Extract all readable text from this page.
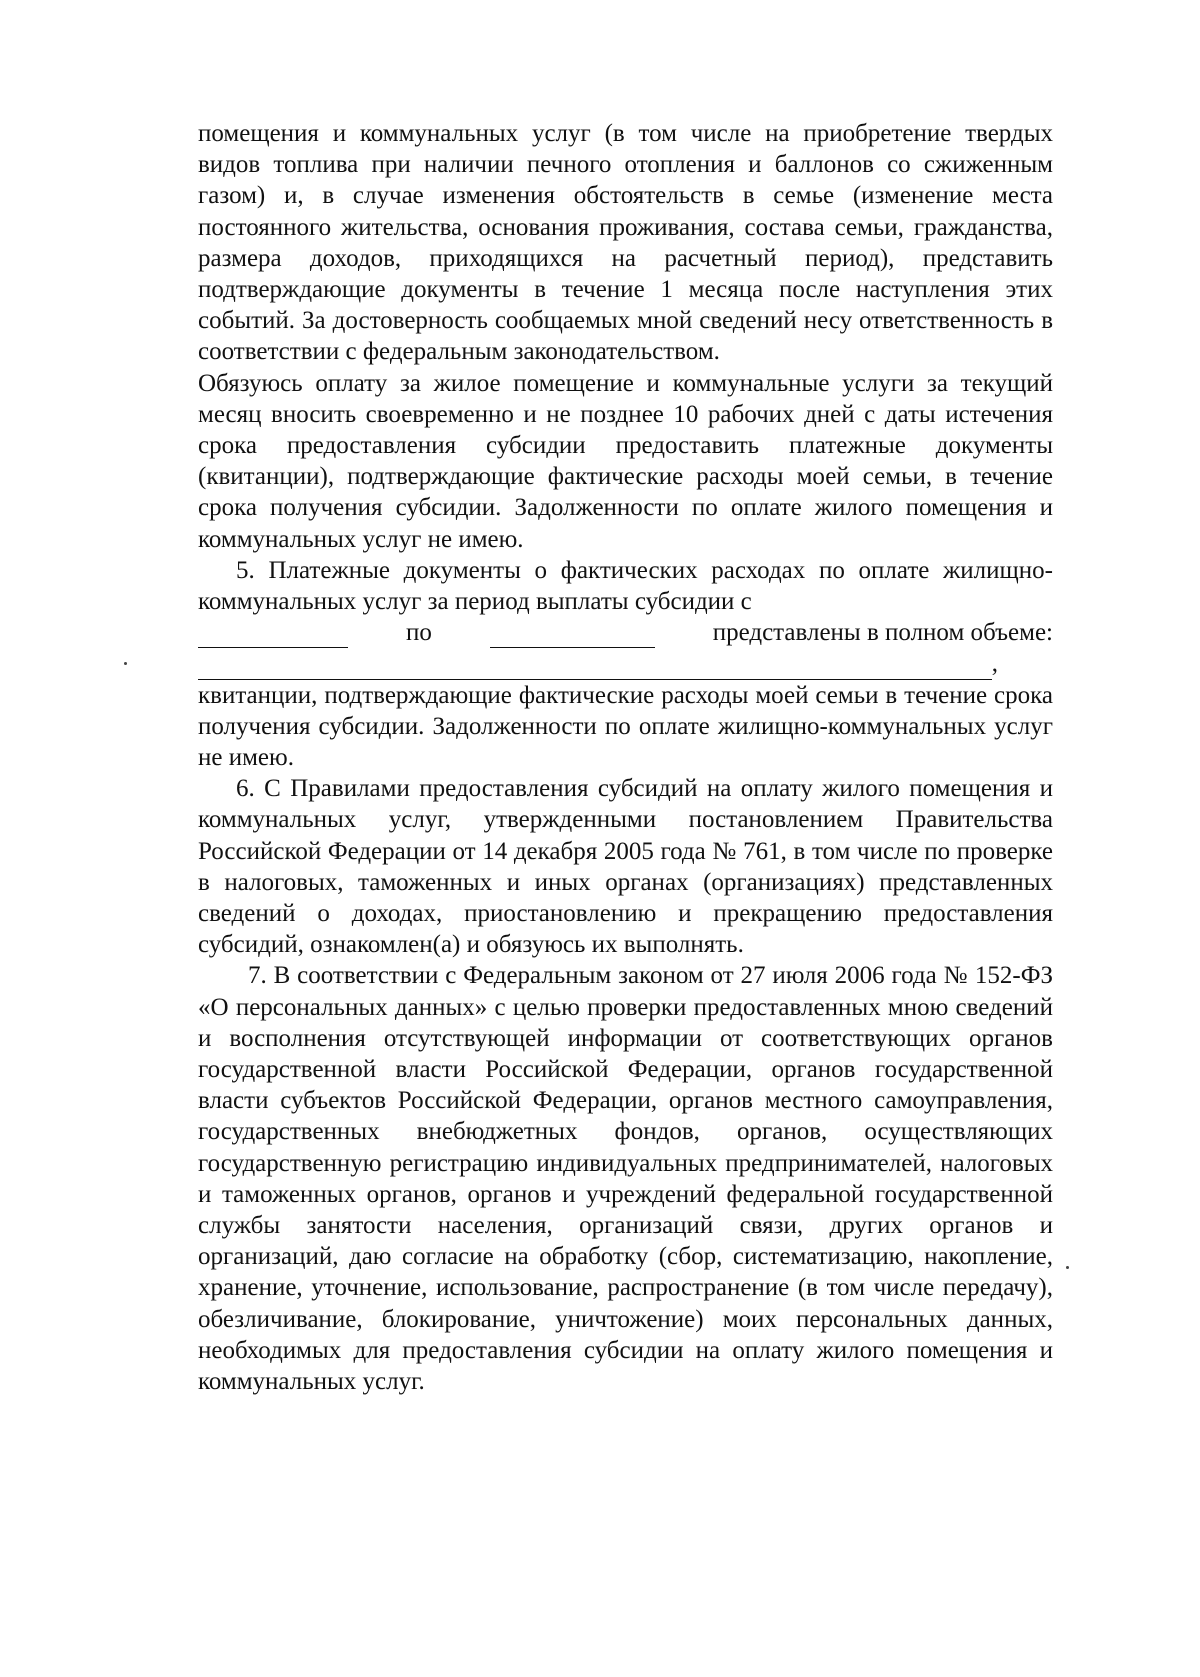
помещения и коммунальных услуг (в том числе на приобретение твердых видов топлива при наличии печного отопления и баллонов со сжиженным газом) и, в случае изменения обстоятельств в семье (изменение места постоянного жительства, основания проживания, состава семьи, гражданства, размера доходов, приходящихся на расчетный период), представить подтверждающие документы в течение 1 месяца после наступления этих событий. За достоверность сообщаемых мной сведений несу ответственность в соответствии с федеральным законодательством.

Обязуюсь оплату за жилое помещение и коммунальные услуги за текущий месяц вносить своевременно и не позднее 10 рабочих дней с даты истечения срока предоставления субсидии предоставить платежные документы (квитанции), подтверждающие фактические расходы моей семьи, в течение срока получения субсидии. Задолженности по оплате жилого помещения и коммунальных услуг не имею.

5. Платежные документы о фактических расходах по оплате жилищно-коммунальных услуг за период выплаты субсидии с

по	представлены в полном объеме:
,

квитанции, подтверждающие фактические расходы моей семьи в течение срока получения субсидии. Задолженности по оплате жилищно-коммунальных услуг не имею.

6. С Правилами предоставления субсидий на оплату жилого помещения и коммунальных услуг, утвержденными постановлением Правительства Российской Федерации от 14 декабря 2005 года № 761, в том числе по проверке в налоговых, таможенных и иных органах (организациях) представленных сведений о доходах, приостановлению и прекращению предоставления субсидий, ознакомлен(а) и обязуюсь их выполнять.

7. В соответствии с Федеральным законом от 27 июля 2006 года № 152-ФЗ «О персональных данных» с целью проверки предоставленных мною сведений и восполнения отсутствующей информации от соответствующих органов государственной власти Российской Федерации, органов государственной власти субъектов Российской Федерации, органов местного самоуправления, государственных внебюджетных фондов, органов, осуществляющих государственную регистрацию индивидуальных предпринимателей, налоговых и таможенных органов, органов и учреждений федеральной государственной службы занятости населения, организаций связи, других органов и организаций, даю согласие на обработку (сбор, систематизацию, накопление, хранение, уточнение, использование, распространение (в том числе передачу), обезличивание, блокирование, уничтожение) моих персональных данных, необходимых для предоставления субсидии на оплату жилого помещения и коммунальных услуг.
